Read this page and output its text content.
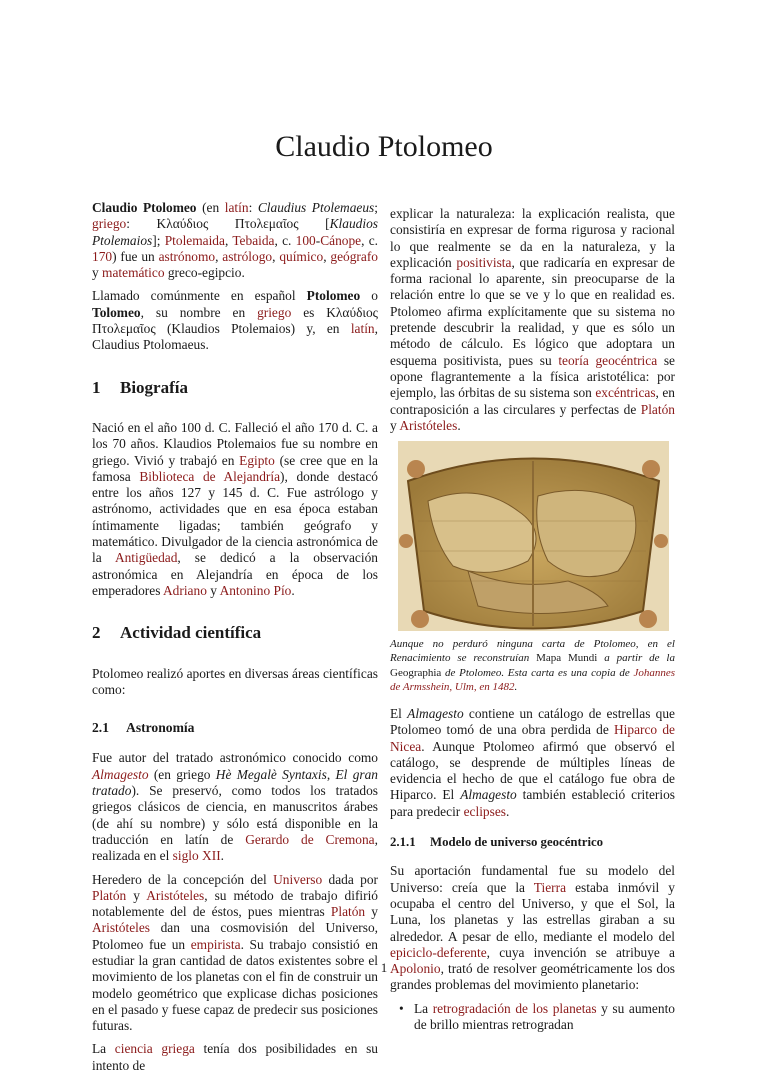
Claudio Ptolomeo

Claudio Ptolomeo (en latín: Claudius Ptolemaeus; griego: Κλαύδιος Πτολεμαῖος [Klaudios Ptolemaios]; Ptolemaida, Tebaida, c. 100-Cánope, c. 170) fue un astrónomo, astrólogo, químico, geógrafo y matemático greco-egipcio.

Llamado comúnmente en español Ptolomeo o Tolomeo, su nombre en griego es Κλαύδιος Πτολεμαῖος (Klaudios Ptolemaios) y, en latín, Claudius Ptolomaeus.

1 Biografía

Nació en el año 100 d. C. Falleció el año 170 d. C. a los 70 años. Klaudios Ptolemaios fue su nombre en griego. Vivió y trabajó en Egipto (se cree que en la famosa Biblioteca de Alejandría), donde destacó entre los años 127 y 145 d. C. Fue astrólogo y astrónomo, actividades que en esa época estaban íntimamente ligadas; también geógrafo y matemático. Divulgador de la ciencia astronómica de la Antigüedad, se dedicó a la observación astronómica en Alejandría en época de los emperadores Adriano y Antonino Pío.

2 Actividad científica

Ptolomeo realizó aportes en diversas áreas científicas como:

2.1 Astronomía

Fue autor del tratado astronómico conocido como Almagesto (en griego Hè Megalè Syntaxis, El gran tratado). Se preservó, como todos los tratados griegos clásicos de ciencia, en manuscritos árabes (de ahí su nombre) y sólo está disponible en la traducción en latín de Gerardo de Cremona, realizada en el siglo XII.

Heredero de la concepción del Universo dada por Platón y Aristóteles, su método de trabajo difirió notablemente del de éstos, pues mientras Platón y Aristóteles dan una cosmovisión del Universo, Ptolomeo fue un empirista. Su trabajo consistió en estudiar la gran cantidad de datos existentes sobre el movimiento de los planetas con el fin de construir un modelo geométrico que explicase dichas posiciones en el pasado y fuese capaz de predecir sus posiciones futuras.

La ciencia griega tenía dos posibilidades en su intento de

explicar la naturaleza: la explicación realista, que consistiría en expresar de forma rigurosa y racional lo que realmente se da en la naturaleza, y la explicación positivista, que radicaría en expresar de forma racional lo aparente, sin preocuparse de la relación entre lo que se ve y lo que en realidad es. Ptolomeo afirma explícitamente que su sistema no pretende descubrir la realidad, y que es sólo un método de cálculo. Es lógico que adoptara un esquema positivista, pues su teoría geocéntrica se opone flagrantemente a la física aristotélica: por ejemplo, las órbitas de su sistema son excéntricas, en contraposición a las circulares y perfectas de Platón y Aristóteles.

Aunque no perduró ninguna carta de Ptolomeo, en el Renacimiento se reconstruían Mapa Mundi a partir de la Geographia de Ptolomeo. Esta carta es una copia de Johannes de Armsshein, Ulm, en 1482.

El Almagesto contiene un catálogo de estrellas que Ptolomeo tomó de una obra perdida de Hiparco de Nicea. Aunque Ptolomeo afirmó que observó el catálogo, se desprende de múltiples líneas de evidencia el hecho de que el catálogo fue obra de Hiparco. El Almagesto también estableció criterios para predecir eclipses.

2.1.1 Modelo de universo geocéntrico

Su aportación fundamental fue su modelo del Universo: creía que la Tierra estaba inmóvil y ocupaba el centro del Universo, y que el Sol, la Luna, los planetas y las estrellas giraban a su alrededor. A pesar de ello, mediante el modelo del epiciclo-deferente, cuya invención se atribuye a Apolonio, trató de resolver geométricamente los dos grandes problemas del movimiento planetario:

• La retrogradación de los planetas y su aumento de brillo mientras retrogradan
1
